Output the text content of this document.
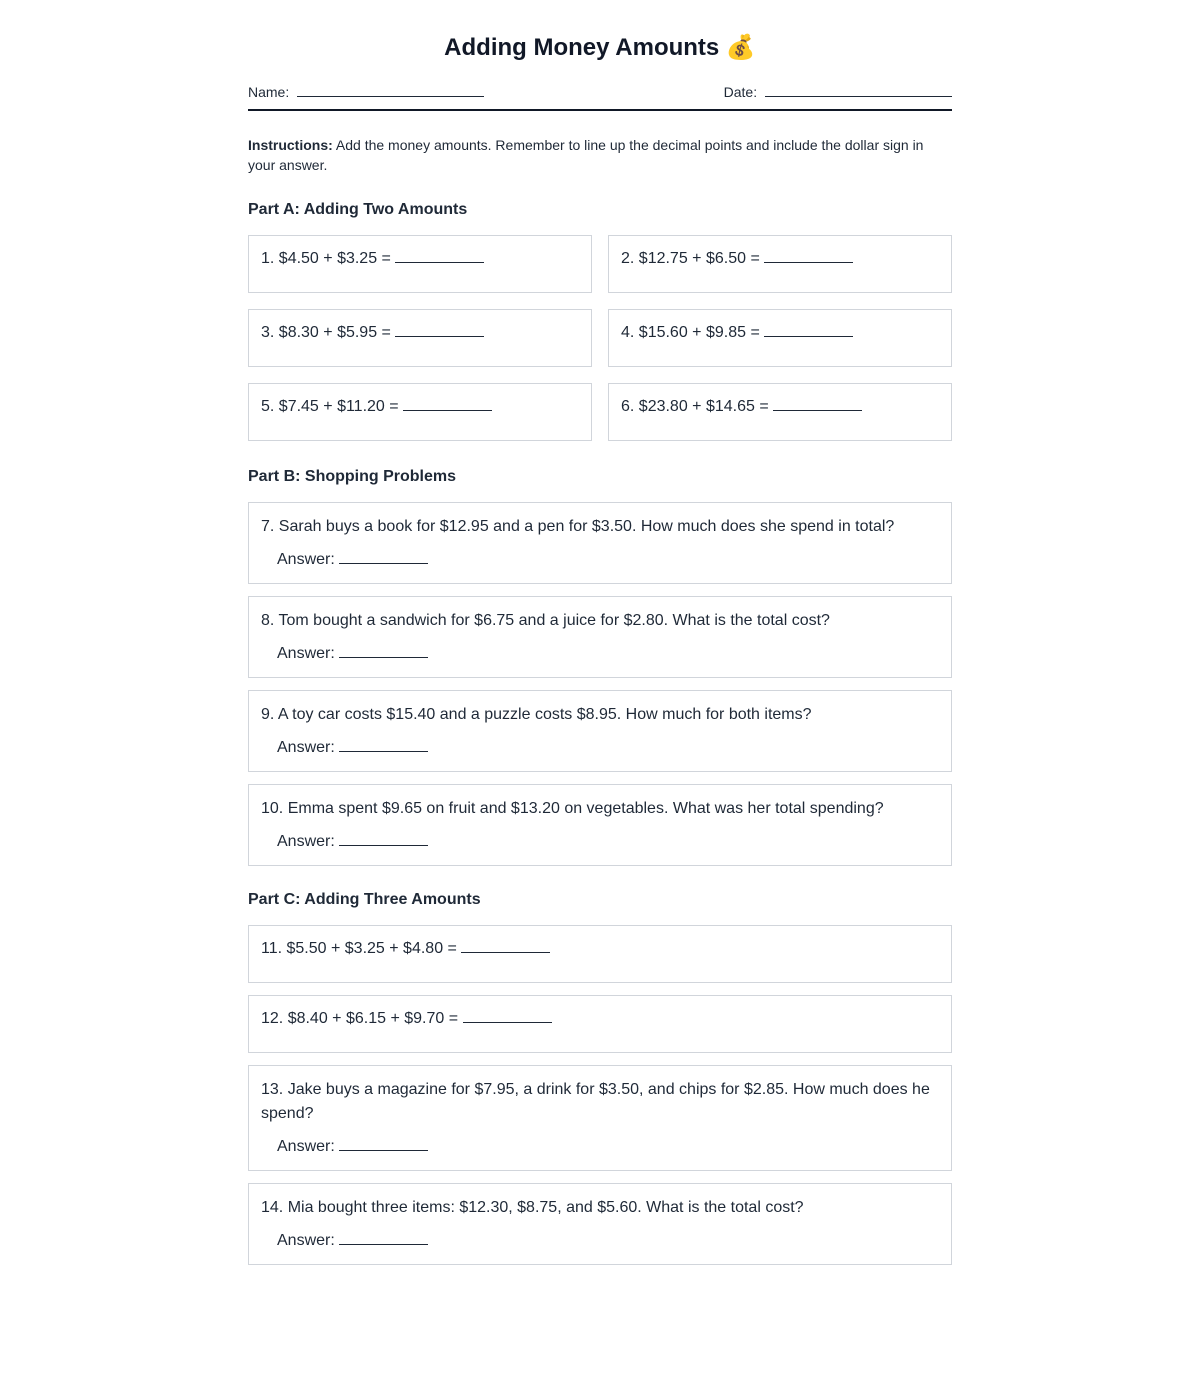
Adding Money Amounts 💰
Name:	Date:
Instructions: Add the money amounts. Remember to line up the decimal points and include the dollar sign in your answer.
Part A: Adding Two Amounts
1. $4.50 + $3.25 =	2. $12.75 + $6.50 =
3. $8.30 + $5.95 =	4. $15.60 + $9.85 =
5. $7.45 + $11.20 =	6. $23.80 + $14.65 =
Part B: Shopping Problems
7. Sarah buys a book for $12.95 and a pen for $3.50. How much does she spend in total?
Answer:
8. Tom bought a sandwich for $6.75 and a juice for $2.80. What is the total cost?
Answer:
9. A toy car costs $15.40 and a puzzle costs $8.95. How much for both items?
Answer:
10. Emma spent $9.65 on fruit and $13.20 on vegetables. What was her total spending?
Answer:
Part C: Adding Three Amounts
11. $5.50 + $3.25 + $4.80 =
12. $8.40 + $6.15 + $9.70 =
13. Jake buys a magazine for $7.95, a drink for $3.50, and chips for $2.85. How much does he spend?
Answer:
14. Mia bought three items: $12.30, $8.75, and $5.60. What is the total cost?
Answer:
